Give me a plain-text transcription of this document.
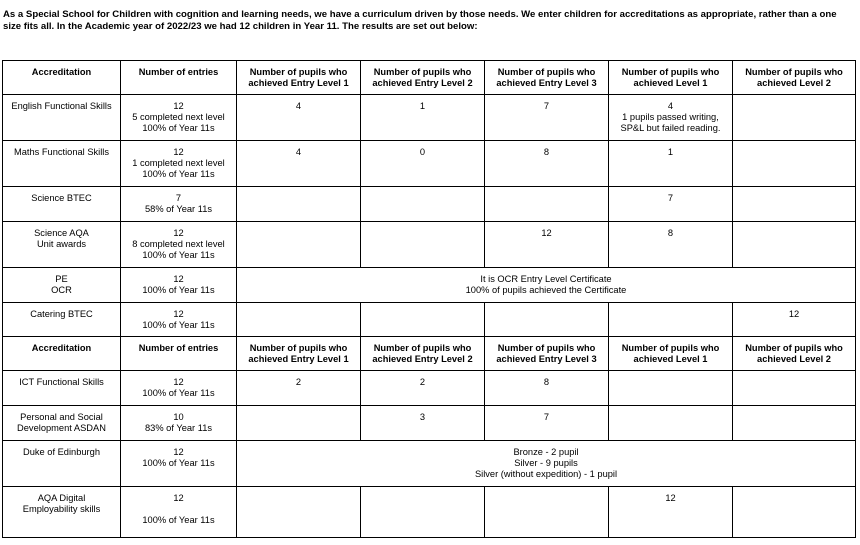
As a Special School for Children with cognition and learning needs, we have a curriculum driven by those needs. We enter children for accreditations as appropriate, rather than a one size fits all. In the Academic year of 2022/23 we had 12 children in Year 11. The results are set out below:
Accreditation	Number of entries	Number of pupils who achieved Entry Level 1	Number of pupils who achieved Entry Level 2	Number of pupils who achieved Entry Level 3	Number of pupils who achieved Level 1	Number of pupils who achieved Level 2
English Functional Skills	12
5 completed next level
100% of Year 11s	4	1	7	4
1 pupils passed writing, SP&L but failed reading.	
Maths Functional Skills	12
1 completed next level
100% of Year 11s	4	0	8	1	
Science BTEC	7
58% of Year 11s				7	
Science AQA
Unit awards	12
8 completed next level
100% of Year 11s			12	8	
PE
OCR	12
100% of Year 11s	It is OCR Entry Level Certificate
100% of pupils achieved the Certificate				
Catering BTEC	12
100% of Year 11s					12
Accreditation	Number of entries	Number of pupils who achieved Entry Level 1	Number of pupils who achieved Entry Level 2	Number of pupils who achieved Entry Level 3	Number of pupils who achieved Level 1	Number of pupils who achieved Level 2
ICT Functional Skills	12
100% of Year 11s	2	2	8		
Personal and Social Development ASDAN	10
83% of Year 11s		3	7		
Duke of Edinburgh	12
100% of Year 11s	Bronze - 2 pupil
Silver - 9 pupils
Silver (without expedition) - 1 pupil				
AQA Digital
Employability skills	12

100% of Year 11s				12	
